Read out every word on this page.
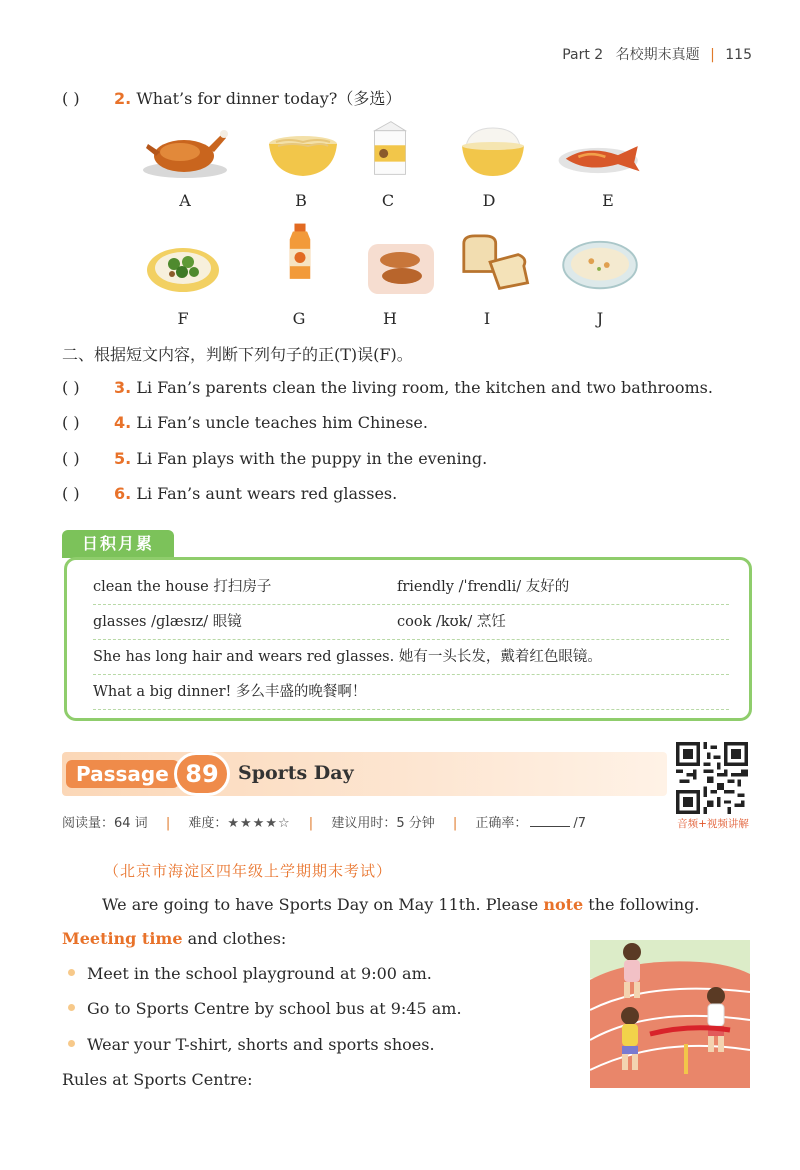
Part 2 名校期末真题 | 115
( ) 2. What’s for dinner today?（多选）
A	B	C	D	E
F	G	H	I	J
二、根据短文内容，判断下列句子的正(T)误(F)。
( ) 3. Li Fan’s parents clean the living room, the kitchen and two bathrooms.
( ) 4. Li Fan’s uncle teaches him Chinese.
( ) 5. Li Fan plays with the puppy in the evening.
( ) 6. Li Fan’s aunt wears red glasses.
日积月累
clean the house 打扫房子	friendly /ˈfrendli/ 友好的
glasses /ɡlæsɪz/ 眼镜	cook /kʊk/ 烹饪
She has long hair and wears red glasses. 她有一头长发，戴着红色眼镜。
What a big dinner! 多么丰盛的晚餐啊！
Passage 89	Sports Day
音频+视频讲解
阅读量：64 词 | 难度：★★★★☆ | 建议用时：5 分钟 | 正确率：	/7
（北京市海淀区四年级上学期期末考试）
We are going to have Sports Day on May 11th. Please note the following.
Meeting time and clothes:
Meet in the school playground at 9:00 am.
Go to Sports Centre by school bus at 9:45 am.
Wear your T-shirt, shorts and sports shoes.
Rules at Sports Centre:
